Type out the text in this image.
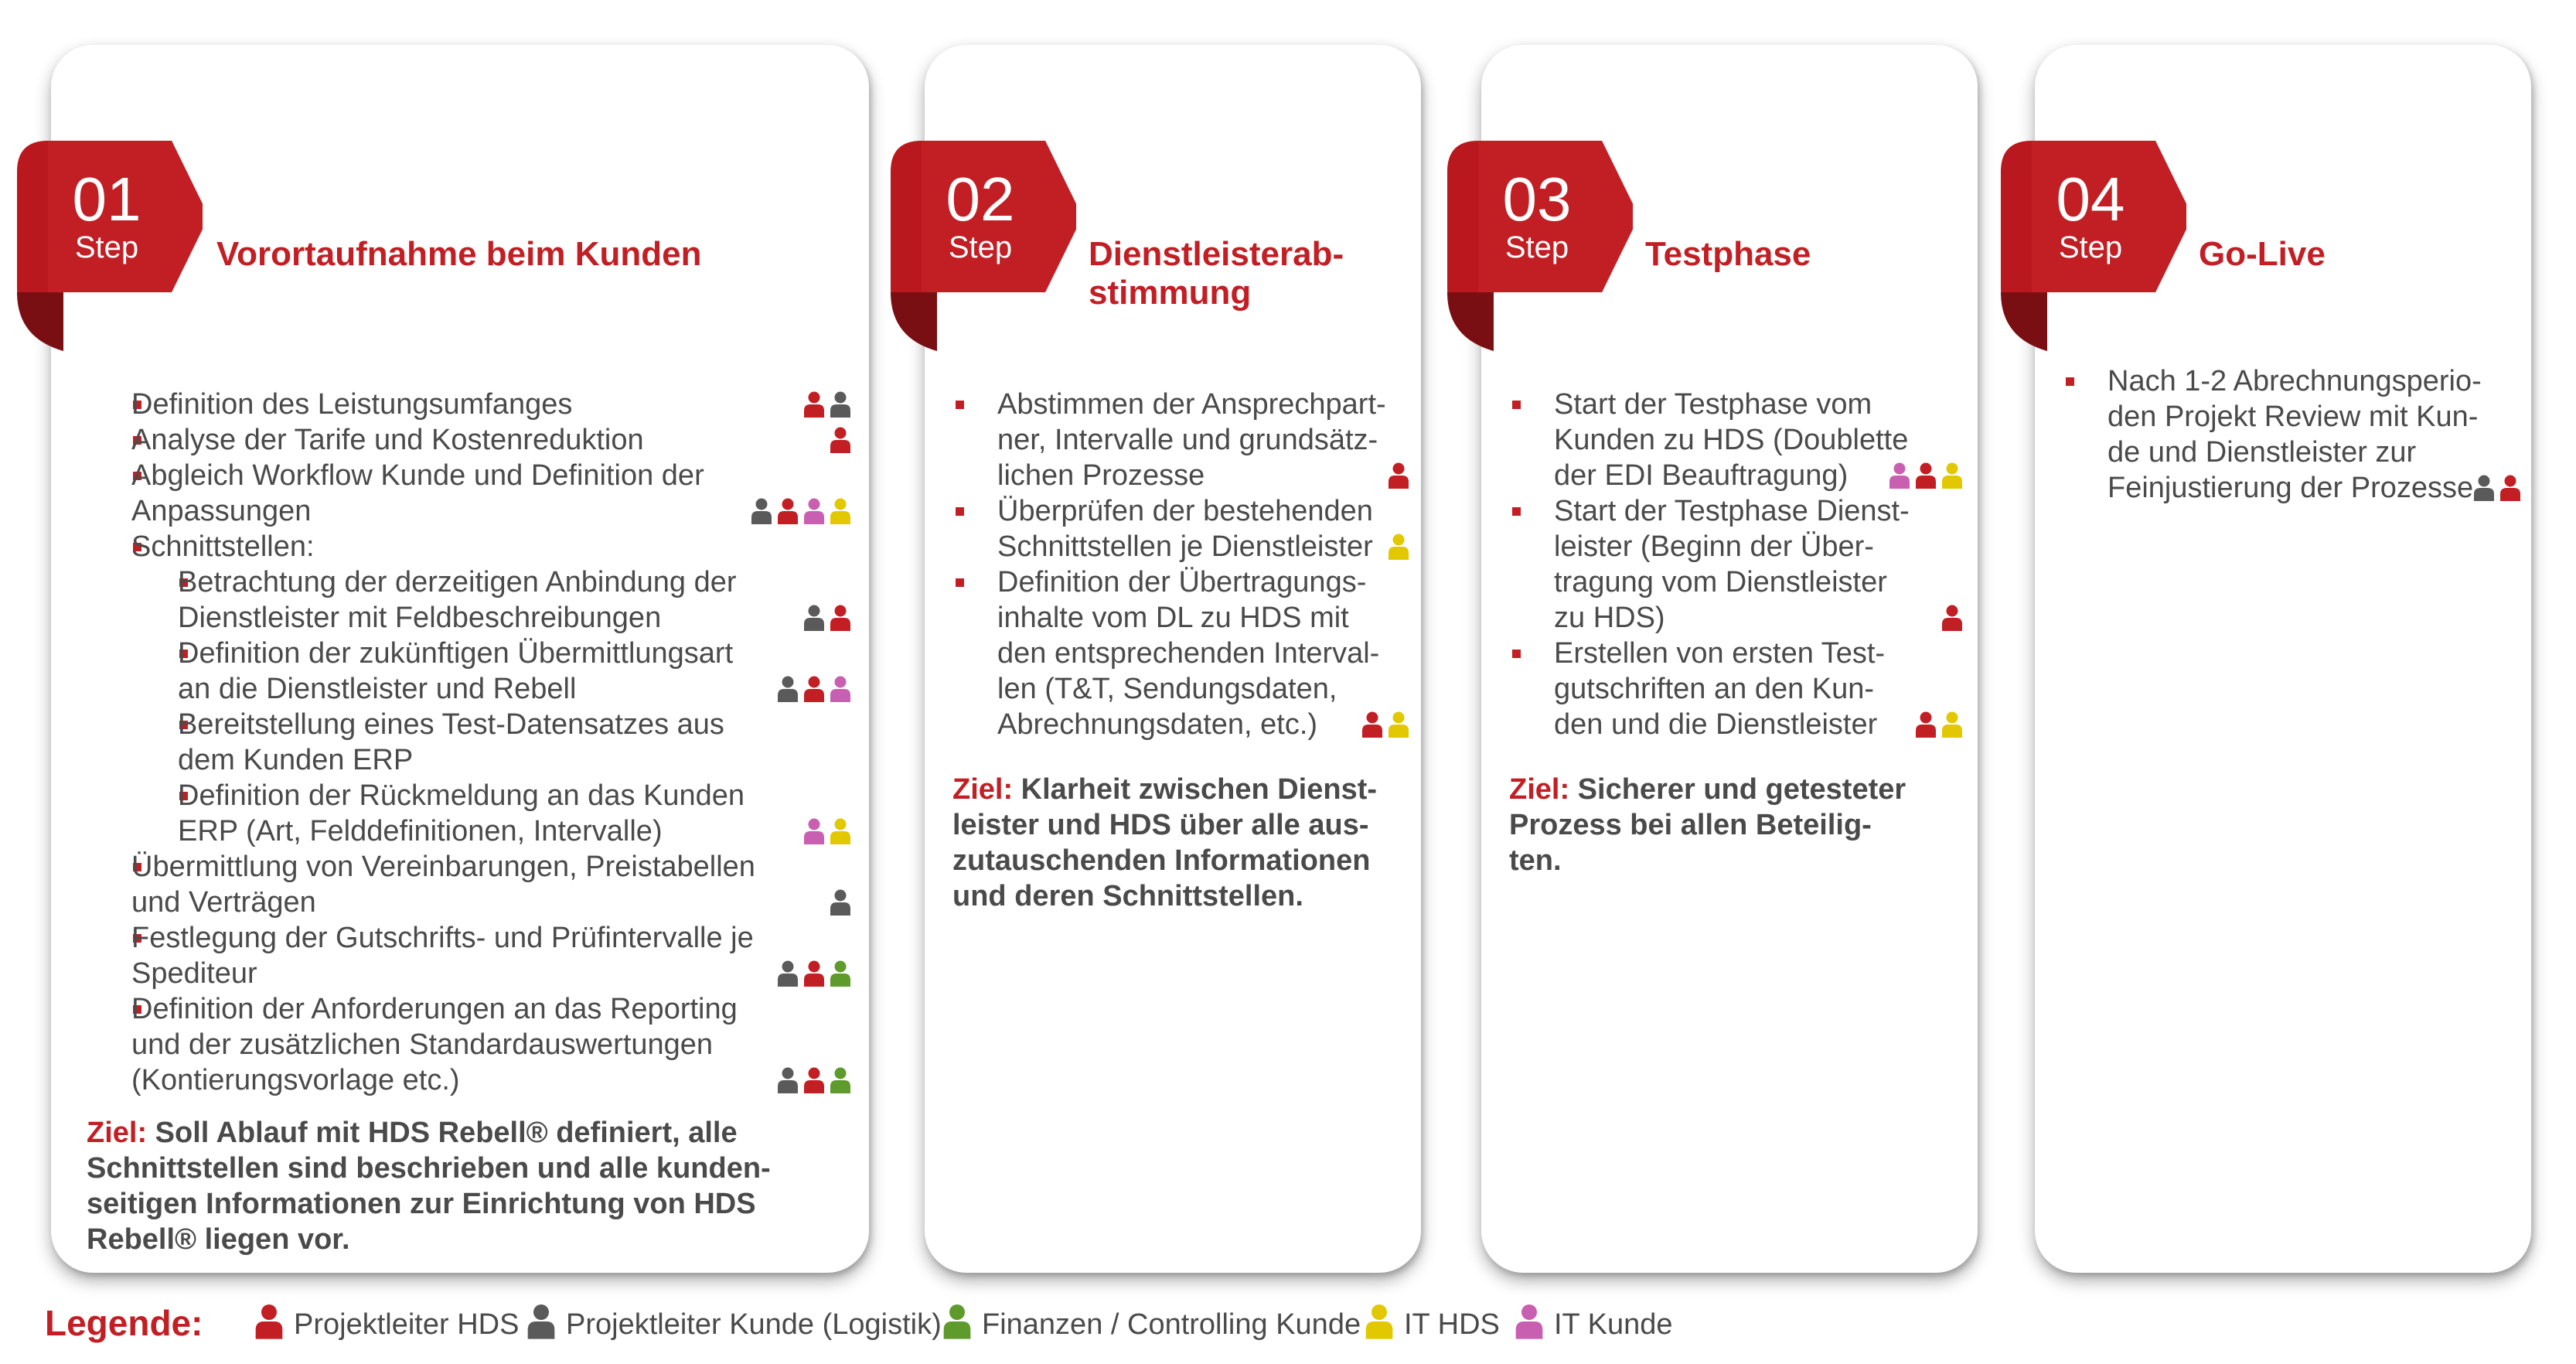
01
Step	Vorortaufnahme beim Kunden
02
Step	Dienstleisterab-
stimmung
03
Step	Testphase
04
Step	Go-Live
Legende:	Projektleiter HDS Projektleiter Kunde (Logistik) Finanzen / Controlling Kunde IT HDS IT Kunde
Definition des Leistungsumfanges
Analyse der Tarife und Kostenreduktion
Abgleich Workflow Kunde und Definition der
Anpassungen
Schnittstellen:
Betrachtung der derzeitigen Anbindung der
Dienstleister mit Feldbeschreibungen
Definition der zukünftigen Übermittlungsart
an die Dienstleister und Rebell
Bereitstellung eines Test-Datensatzes aus
dem Kunden ERP
Definition der Rückmeldung an das Kunden
ERP (Art, Felddefinitionen, Intervalle)
Übermittlung von Vereinbarungen, Preistabellen
und Verträgen
Festlegung der Gutschrifts- und Prüfintervalle je
Spediteur
Definition der Anforderungen an das Reporting
und der zusätzlichen Standardauswertungen
(Kontierungsvorlage etc.)
Ziel: Soll Ablauf mit HDS Rebell® definiert, alle
Schnittstellen sind beschrieben und alle kunden-
seitigen Informationen zur Einrichtung von HDS
Rebell® liegen vor.
Abstimmen der Ansprechpart-
ner, Intervalle und grundsätz-
lichen Prozesse
Überprüfen der bestehenden
Schnittstellen je Dienstleister
Definition der Übertragungs-
inhalte vom DL zu HDS mit
den entsprechenden Interval-
len (T&T, Sendungsdaten,
Abrechnungsdaten, etc.)
Ziel: Klarheit zwischen Dienst-
leister und HDS über alle aus-
zutauschenden Informationen
und deren Schnittstellen.
Start der Testphase vom
Kunden zu HDS (Doublette
der EDI Beauftragung)
Start der Testphase Dienst-
leister (Beginn der Über-
tragung vom Dienstleister
zu HDS)
Erstellen von ersten Test-
gutschriften an den Kun-
den und die Dienstleister
Ziel: Sicherer und getesteter
Prozess bei allen Beteilig-
ten.
Nach 1-2 Abrechnungsperio-
den Projekt Review mit Kun-
de und Dienstleister zur
Feinjustierung der Prozesse
